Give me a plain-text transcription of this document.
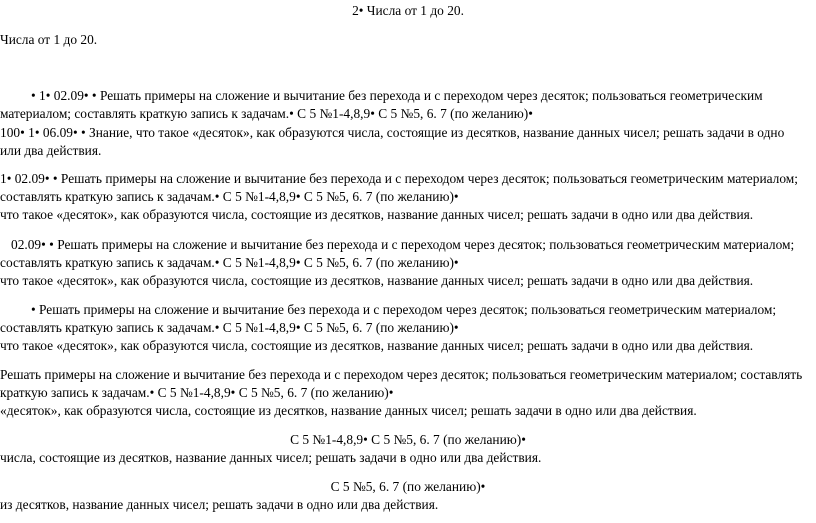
2• Числа от 1 до 20.
Числа от 1 до 20.
• 1• 02.09• • Решать примеры на сложение и вычитание без перехода и с переходом через десяток; пользоваться геометрическим
материалом; составлять краткую запись к задачам.• С 5 №1-4,8,9• С 5 №5, 6. 7 (по желанию)•
100• 1• 06.09• • Знание, что такое «десяток», как образуются числа, состоящие из десятков, название данных чисел; решать задачи в одно
или два действия.
1• 02.09• • Решать примеры на сложение и вычитание без перехода и с переходом через десяток; пользоваться геометрическим материалом;
составлять краткую запись к задачам.• С 5 №1-4,8,9• С 5 №5, 6. 7 (по желанию)•
что такое «десяток», как образуются числа, состоящие из десятков, название данных чисел; решать задачи в одно или два действия.
02.09• • Решать примеры на сложение и вычитание без перехода и с переходом через десяток; пользоваться геометрическим материалом;
составлять краткую запись к задачам.• С 5 №1-4,8,9• С 5 №5, 6. 7 (по желанию)•
что такое «десяток», как образуются числа, состоящие из десятков, название данных чисел; решать задачи в одно или два действия.
• Решать примеры на сложение и вычитание без перехода и с переходом через десяток; пользоваться геометрическим материалом;
составлять краткую запись к задачам.• С 5 №1-4,8,9• С 5 №5, 6. 7 (по желанию)•
что такое «десяток», как образуются числа, состоящие из десятков, название данных чисел; решать задачи в одно или два действия.
Решать примеры на сложение и вычитание без перехода и с переходом через десяток; пользоваться геометрическим материалом; составлять
краткую запись к задачам.• С 5 №1-4,8,9• С 5 №5, 6. 7 (по желанию)•
«десяток», как образуются числа, состоящие из десятков, название данных чисел; решать задачи в одно или два действия.
С 5 №1-4,8,9• С 5 №5, 6. 7 (по желанию)•
числа, состоящие из десятков, название данных чисел; решать задачи в одно или два действия.
С 5 №5, 6. 7 (по желанию)•
из десятков, название данных чисел; решать задачи в одно или два действия.
